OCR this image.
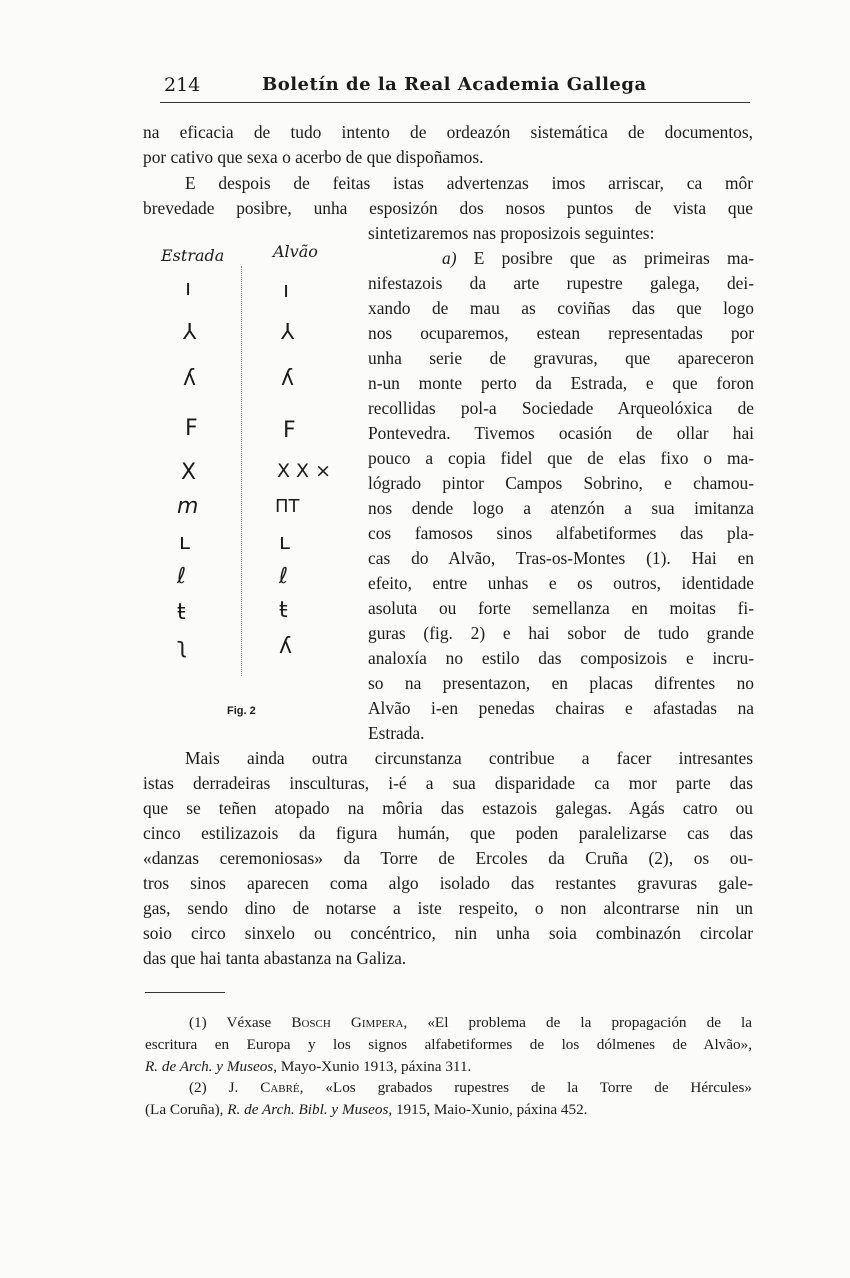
214	Boletín de la Real Academia Gallega
na eficacia de tudo intento de ordeazón sistemática de documentos,
por cativo que sexa o acerbo de que dispoñamos.
E despois de feitas istas advertenzas imos arriscar, ca môr
brevedade posibre, unha esposizón dos nosos puntos de vista que
sintetizaremos nas proposizois seguintes:
a) E posibre que as primeiras ma-
nifestazois da arte rupestre galega, dei-
xando de mau as coviñas das que logo
nos ocuparemos, estean representadas por
unha serie de gravuras, que apareceron
n-un monte perto da Estrada, e que foron
recollidas pol-a Sociedade Arqueolóxica de
Pontevedra. Tivemos ocasión de ollar hai
pouco a copia fidel que de elas fixo o ma-
lógrado pintor Campos Sobrino, e chamou-
nos dende logo a atenzón a sua imitanza
cos famosos sinos alfabetiformes das pla-
cas do Alvão, Tras-os-Montes (1). Hai en
efeito, entre unhas e os outros, identidade
asoluta ou forte semellanza en moitas fi-
guras (fig. 2) e hai sobor de tudo grande
analoxía no estilo das composizois e incru-
so na presentazon, en placas difrentes no
Alvão i-en penedas chairas e afastadas na
Estrada.
Mais ainda outra circunstanza contribue a facer intresantes
istas derradeiras insculturas, i-é a sua disparidade ca mor parte das
que se teñen atopado na môria das estazois galegas. Agás catro ou
cinco estilizazois da figura humán, que poden paralelizarse cas das
«danzas ceremoniosas» da Torre de Ercoles da Cruña (2), os ou-
tros sinos aparecen coma algo isolado das restantes gravuras gale-
gas, sendo dino de notarse a iste respeito, o non alcontrarse nin un
soio circo sinxelo ou concéntrico, nin unha soia combinazón circolar
das que hai tanta abastanza na Galiza.
Estrada	Alvão
ı
⅄
ʎ
F
X
m
ʟ
ℓ
ŧ
ʅ
ı
⅄
ʎ
F
X X ×
ПT
ʟ
ℓ
ŧ
ʎ
Fig. 2
(1) Véxase Bosch Gimpera, «El problema de la propagación de la
escritura en Europa y los signos alfabetiformes de los dólmenes de Alvão»,
R. de Arch. y Museos, Mayo-Xunio 1913, páxina 311.
(2) J. Cabré, «Los grabados rupestres de la Torre de Hércules»
(La Coruña), R. de Arch. Bibl. y Museos, 1915, Maio-Xunio, páxina 452.
